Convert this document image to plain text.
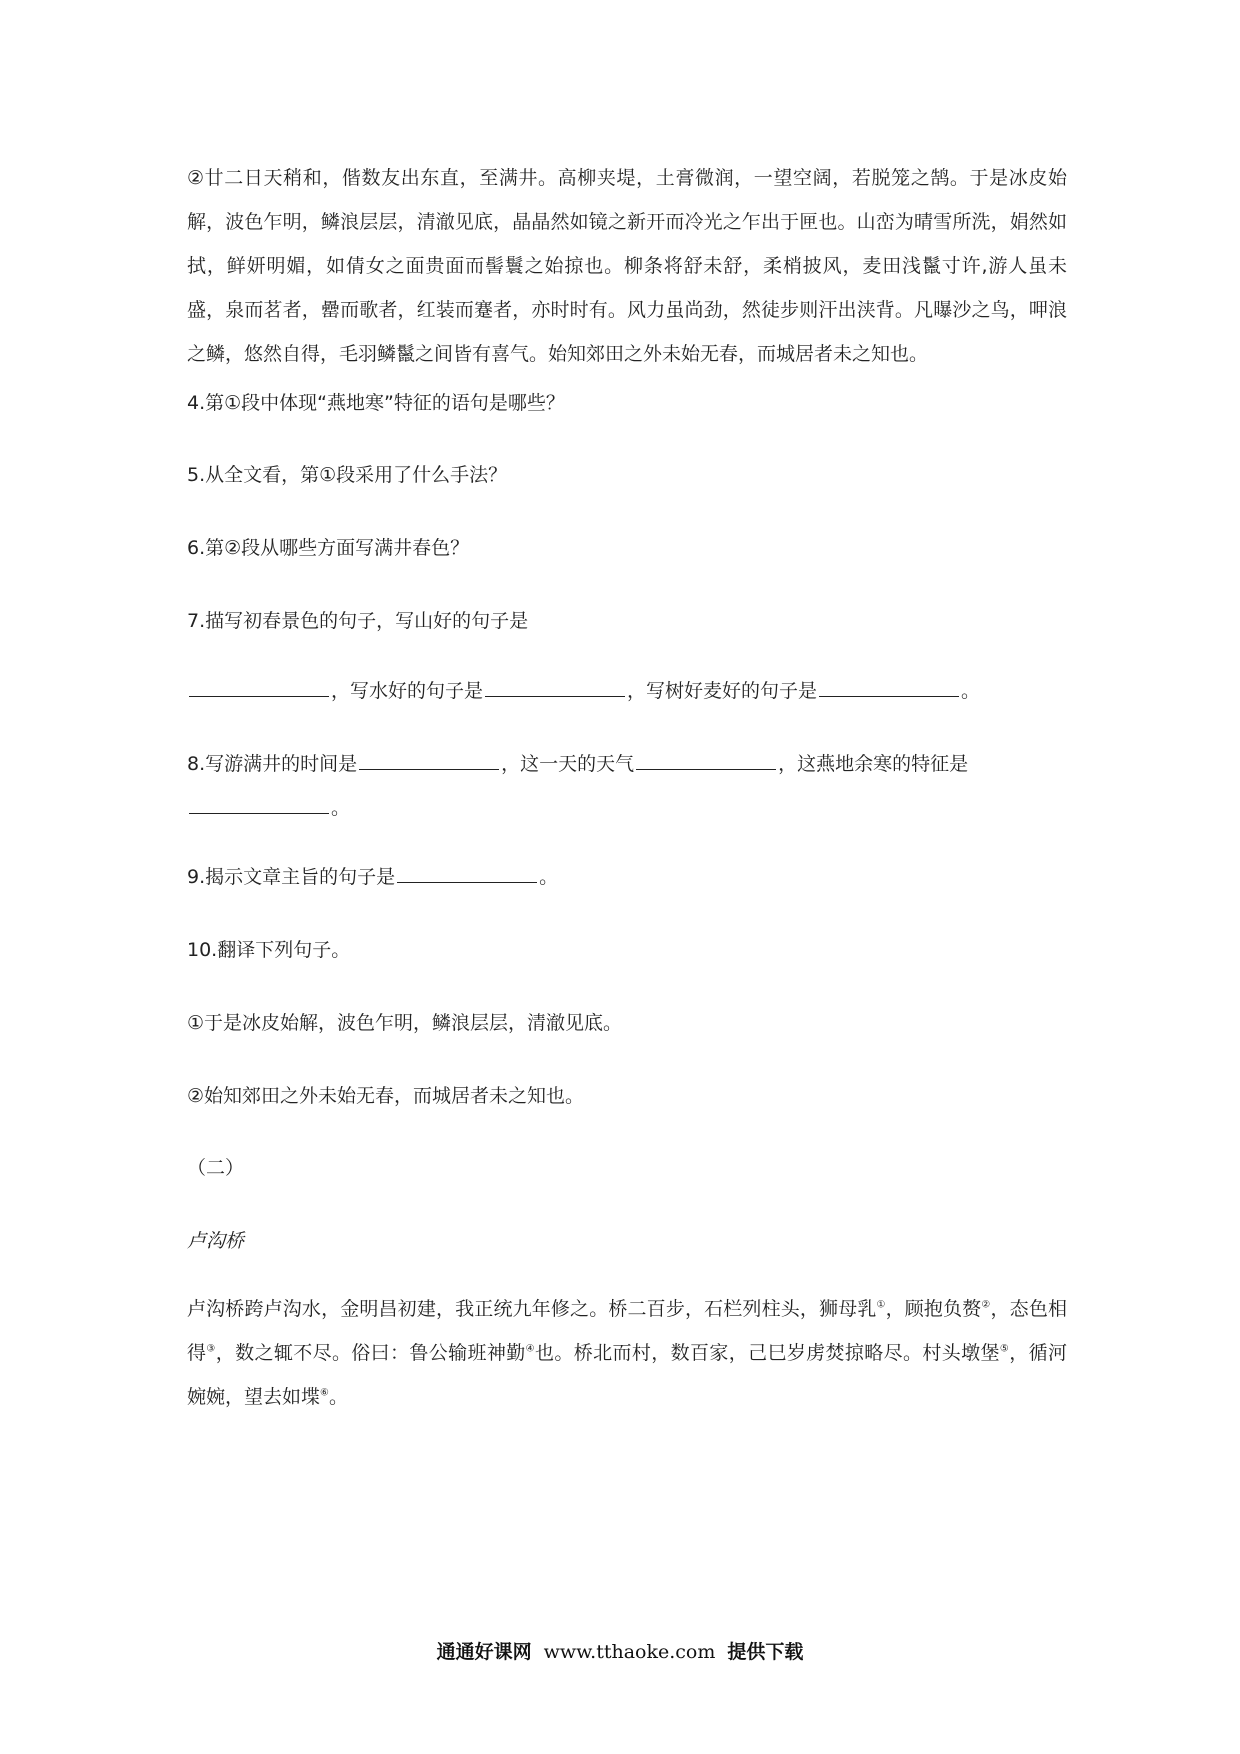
②廿二日天稍和，偕数友出东直，至满井。高柳夹堤，土膏微润，一望空阔，若脱笼之鹄。于是冰皮始解，波色乍明，鳞浪层层，清澈见底，晶晶然如镜之新开而冷光之乍出于匣也。山峦为晴雪所洗，娟然如拭，鲜妍明媚，如倩女之面贵面而髻鬟之始掠也。柳条将舒未舒，柔梢披风，麦田浅鬣寸许,游人虽未盛，泉而茗者，罍而歌者，红装而蹇者，亦时时有。风力虽尚劲，然徒步则汗出浃背。凡曝沙之鸟，呷浪之鳞，悠然自得，毛羽鳞鬣之间皆有喜气。始知郊田之外未始无春，而城居者未之知也。

4.第①段中体现“燕地寒”特征的语句是哪些？

5.从全文看，第①段采用了什么手法？

6.第②段从哪些方面写满井春色？

7.描写初春景色的句子，写山好的句子是

，写水好的句子是	，写树好麦好的句子是	。

8.写游满井的时间是	，这一天的天气	，这燕地余寒的特征是

。

9.揭示文章主旨的句子是	。

10.翻译下列句子。

①于是冰皮始解，波色乍明，鳞浪层层，清澈见底。

②始知郊田之外未始无春，而城居者未之知也。

（二）

卢沟桥

卢沟桥跨卢沟水，金明昌初建，我正统九年修之。桥二百步，石栏列柱头，狮母乳①，顾抱负赘②，态色相得③，数之辄不尽。俗曰：鲁公输班神勤④也。桥北而村，数百家，己巳岁虏焚掠略尽。村头墩堡⑤，循河婉婉，望去如堞⑥。

通通好课网 www.tthaoke.com 提供下载
